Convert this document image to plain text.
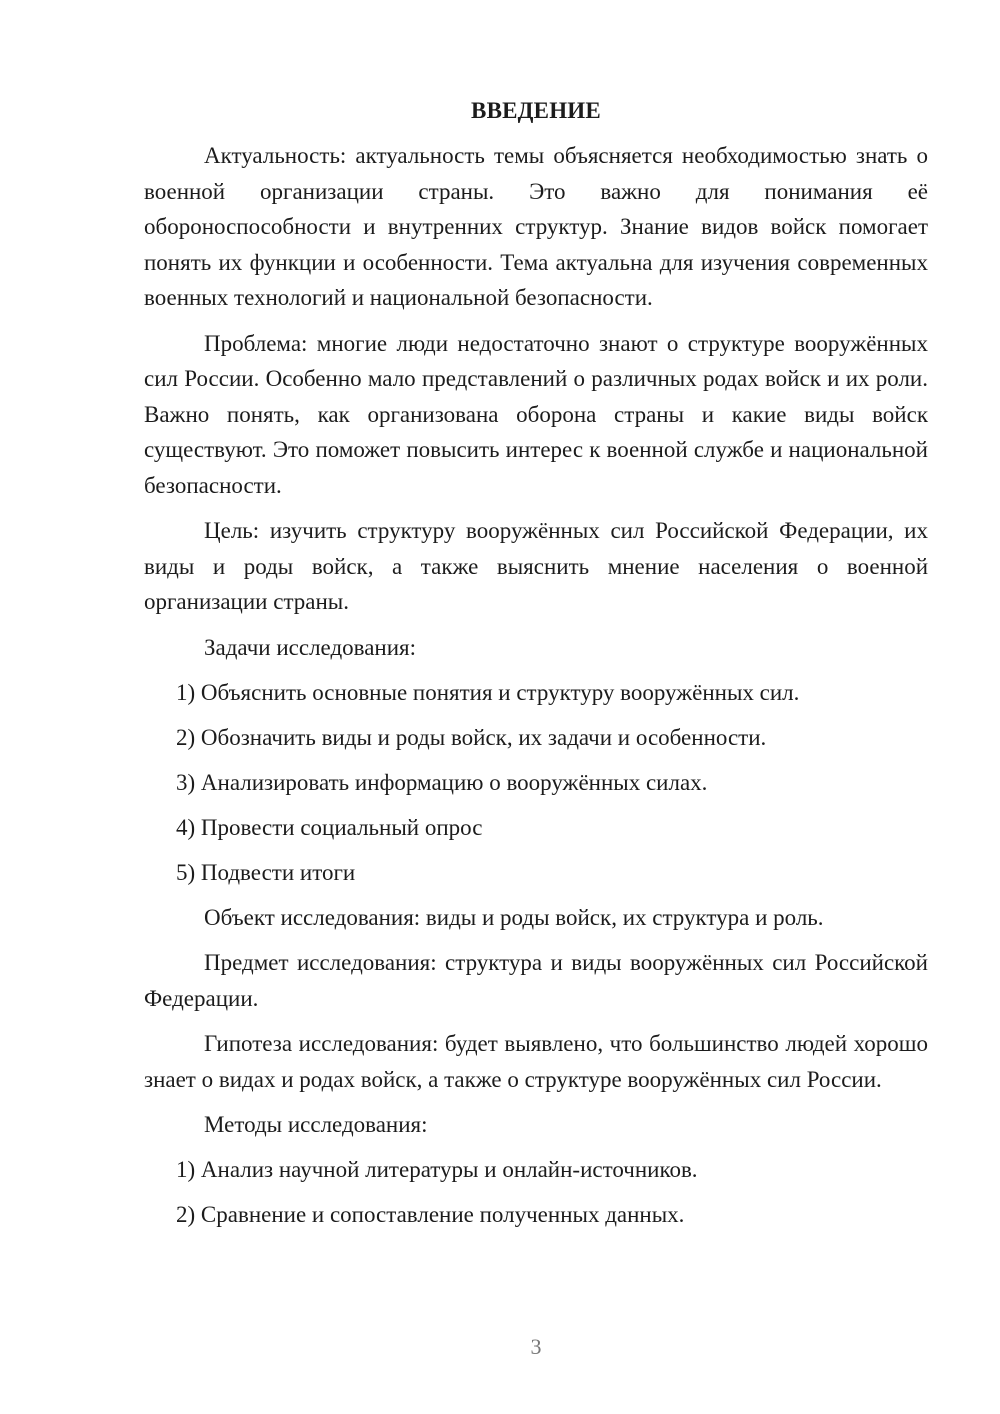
ВВЕДЕНИЕ
Актуальность: актуальность темы объясняется необходимостью знать о военной организации страны. Это важно для понимания её обороноспособности и внутренних структур. Знание видов войск помогает понять их функции и особенности. Тема актуальна для изучения современных военных технологий и национальной безопасности.
Проблема: многие люди недостаточно знают о структуре вооружённых сил России. Особенно мало представлений о различных родах войск и их роли. Важно понять, как организована оборона страны и какие виды войск существуют. Это поможет повысить интерес к военной службе и национальной безопасности.
Цель: изучить структуру вооружённых сил Российской Федерации, их виды и роды войск, а также выяснить мнение населения о военной организации страны.
Задачи исследования:
1) Объяснить основные понятия и структуру вооружённых сил.
2) Обозначить виды и роды войск, их задачи и особенности.
3) Анализировать информацию о вооружённых силах.
4) Провести социальный опрос
5) Подвести итоги
Объект исследования: виды и роды войск, их структура и роль.
Предмет исследования: структура и виды вооружённых сил Российской Федерации.
Гипотеза исследования: будет выявлено, что большинство людей хорошо знает о видах и родах войск, а также о структуре вооружённых сил России.
Методы исследования:
1) Анализ научной литературы и онлайн-источников.
2) Сравнение и сопоставление полученных данных.
3
